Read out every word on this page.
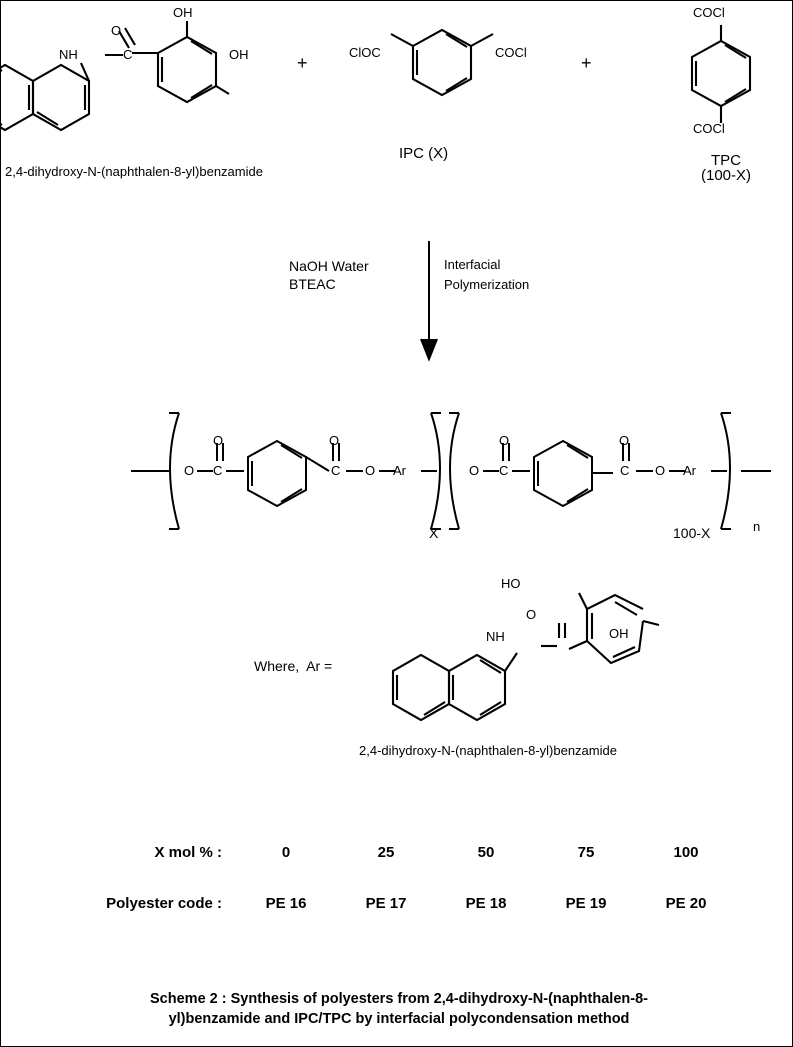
O
C
NH
OH
OH
2,4-dihydroxy-N-(naphthalen-8-yl)benzamide
+
ClOC	COCl
IPC (X)
+
COCl
COCl
TPC
(100-X)
NaOH Water
BTEAC
Interfacial
Polymerization
O C
O	O
C O Ar	O C
O	O
C O Ar
X	100-X	n
Where,  Ar =
HO
OH
NH
O
2,4-dihydroxy-N-(naphthalen-8-yl)benzamide
X mol % :	0	25	50	75	100
Polyester code :	PE 16	PE 17	PE 18	PE 19	PE 20
Scheme 2 : Synthesis of polyesters from 2,4-dihydroxy-N-(naphthalen-8-
yl)benzamide and IPC/TPC by interfacial polycondensation method
